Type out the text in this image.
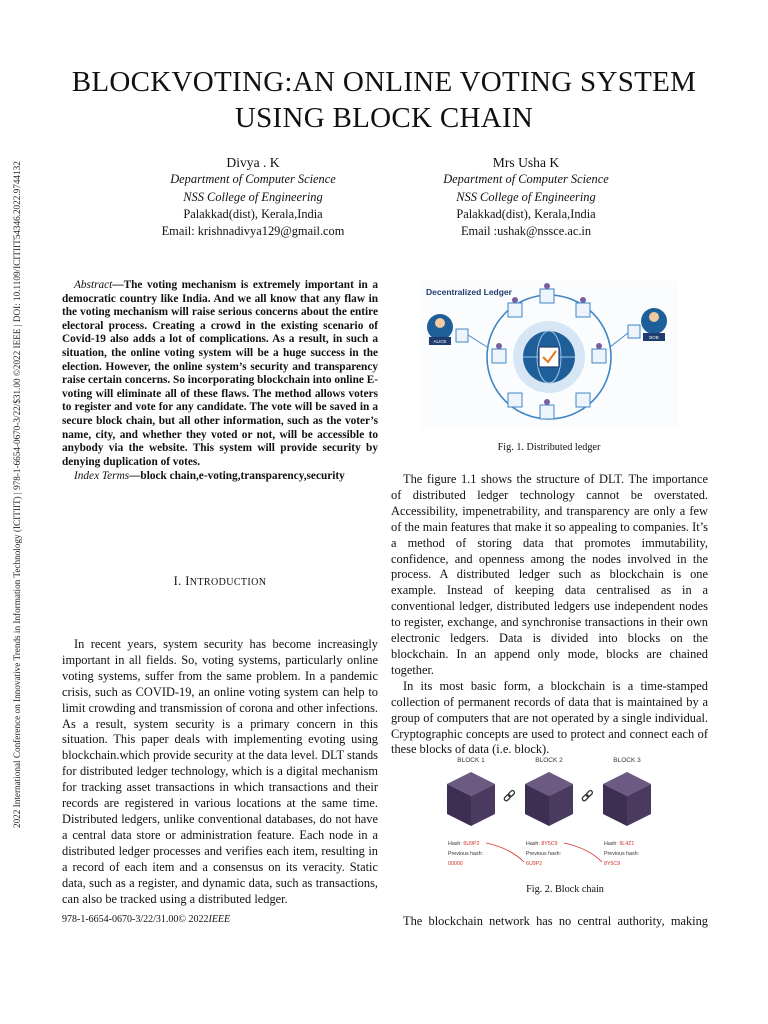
2022 International Conference on Innovative Trends in Information Technology (ICITIIT) | 978-1-6654-0670-3/22/$31.00 ©2022 IEEE | DOI: 10.1109/ICITIIT54346.2022.9744132
BLOCKVOTING:AN ONLINE VOTING SYSTEM
USING BLOCK CHAIN
Divya . K
Department of Computer Science
NSS College of Engineering
Palakkad(dist), Kerala,India
Email: krishnadivya129@gmail.com
Mrs Usha K
Department of Computer Science
NSS College of Engineering
Palakkad(dist), Kerala,India
Email :ushak@nssce.ac.in
Abstract—The voting mechanism is extremely important in a democratic country like India. And we all know that any flaw in the voting mechanism will raise serious concerns about the entire electoral process. Creating a crowd in the existing scenario of Covid-19 also adds a lot of complications. As a result, in such a situation, the online voting system will be a huge success in the election. However, the online system’s security and transparency raise certain concerns. So incorporating blockchain into online E-voting will eliminate all of these flaws. The method allows voters to register and vote for any candidate. The vote will be saved in a secure block chain, but all other information, such as the voter’s name, city, and whether they voted or not, will be accessible to anybody via the website. This system will provide security by denying duplication of votes.
Index Terms—block chain,e-voting,transparency,security
I. INTRODUCTION

In recent years, system security has become increasingly important in all fields. So, voting systems, particularly online voting systems, suffer from the same problem. In a pandemic crisis, such as COVID-19, an online voting system can help to limit crowding and transmission of corona and other infections. As a result, system security is a primary concern in this situation. This paper deals with implementing evoting using blockchain.which provide security at the data level. DLT stands for distributed ledger technology, which is a digital mechanism for tracking asset transactions in which transactions and their records are registered in various locations at the same time. Distributed ledgers, unlike conventional databases, do not have a central data store or administration feature. Each node in a distributed ledger processes and verifies each item, resulting in a record of each item and a consensus on its veracity. Static data, such as a register, and dynamic data, such as transactions, can also be tracked using a distributed ledger.

978-1-6654-0670-3/22/31.00© 2022IEEE
Decentralized Ledger
ALICE
BOB
Fig. 1. Distributed ledger

The figure 1.1 shows the structure of DLT. The importance of distributed ledger technology cannot be overstated. Accessibility, impenetrability, and transparency are only a few of the main features that make it so appealing to companies. It’s a method of storing data that promotes immutability, confidence, and openness among the nodes involved in the process. A distributed ledger such as blockchain is one example. Instead of keeping data centralised as in a conventional ledger, distributed ledgers use independent nodes to register, exchange, and synchronise transactions in their own electronic ledgers. Data is divided into blocks on the blockchain. In an append only mode, blocks are chained together.

In its most basic form, a blockchain is a time-stamped collection of permanent records of data that is maintained by a group of computers that are not operated by a single individual. Cryptographic concepts are used to protect and connect each of these blocks of data (i.e. block).

BLOCK 1	BLOCK 2	BLOCK 3
Hash: 6U9P2
Previous hash:
00000
Hash: 8Y5C9
Previous hash:
6U9P2
Hash: 9L4Z1
Previous hash:
8Y5C9
Fig. 2. Block chain
The blockchain network has no central authority, making
